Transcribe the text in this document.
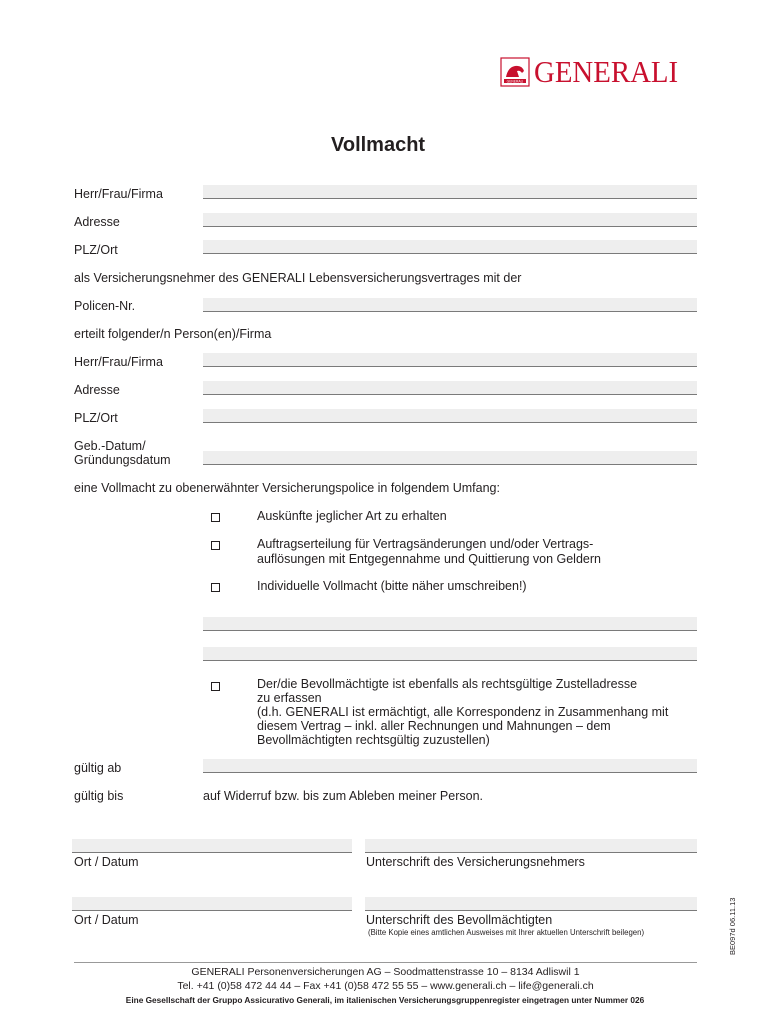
GENERALI GENERALI
Vollmacht
Herr/Frau/Firma
Adresse
PLZ/Ort
als Versicherungsnehmer des GENERALI Lebensversicherungsvertrages mit der
Policen-Nr.
erteilt folgender/n Person(en)/Firma
Herr/Frau/Firma
Adresse
PLZ/Ort
Geb.-Datum/
Gründungsdatum
eine Vollmacht zu obenerwähnter Versicherungspolice in folgendem Umfang:
Auskünfte jeglicher Art zu erhalten
Auftragserteilung für Vertragsänderungen und/oder Vertrags-
auflösungen mit Entgegennahme und Quittierung von Geldern
Individuelle Vollmacht (bitte näher umschreiben!)
Der/die Bevollmächtigte ist ebenfalls als rechtsgültige Zustelladresse
zu erfassen
(d.h. GENERALI ist ermächtigt, alle Korrespondenz in Zusammenhang mit
diesem Vertrag – inkl. aller Rechnungen und Mahnungen – dem
Bevollmächtigten rechtsgültig zuzustellen)
gültig ab
gültig bis	auf Widerruf bzw. bis zum Ableben meiner Person.
Ort / Datum	Unterschrift des Versicherungsnehmers
Ort / Datum	Unterschrift des Bevollmächtigten
(Bitte Kopie eines amtlichen Ausweises mit Ihrer aktuellen Unterschrift beilegen)	BE097d 06.11.13
GENERALI Personenversicherungen AG – Soodmattenstrasse 10 – 8134 Adliswil 1
Tel. +41 (0)58 472 44 44 – Fax +41 (0)58 472 55 55 – www.generali.ch – life@generali.ch
Eine Gesellschaft der Gruppo Assicurativo Generali, im italienischen Versicherungsgruppenregister eingetragen unter Nummer 026
